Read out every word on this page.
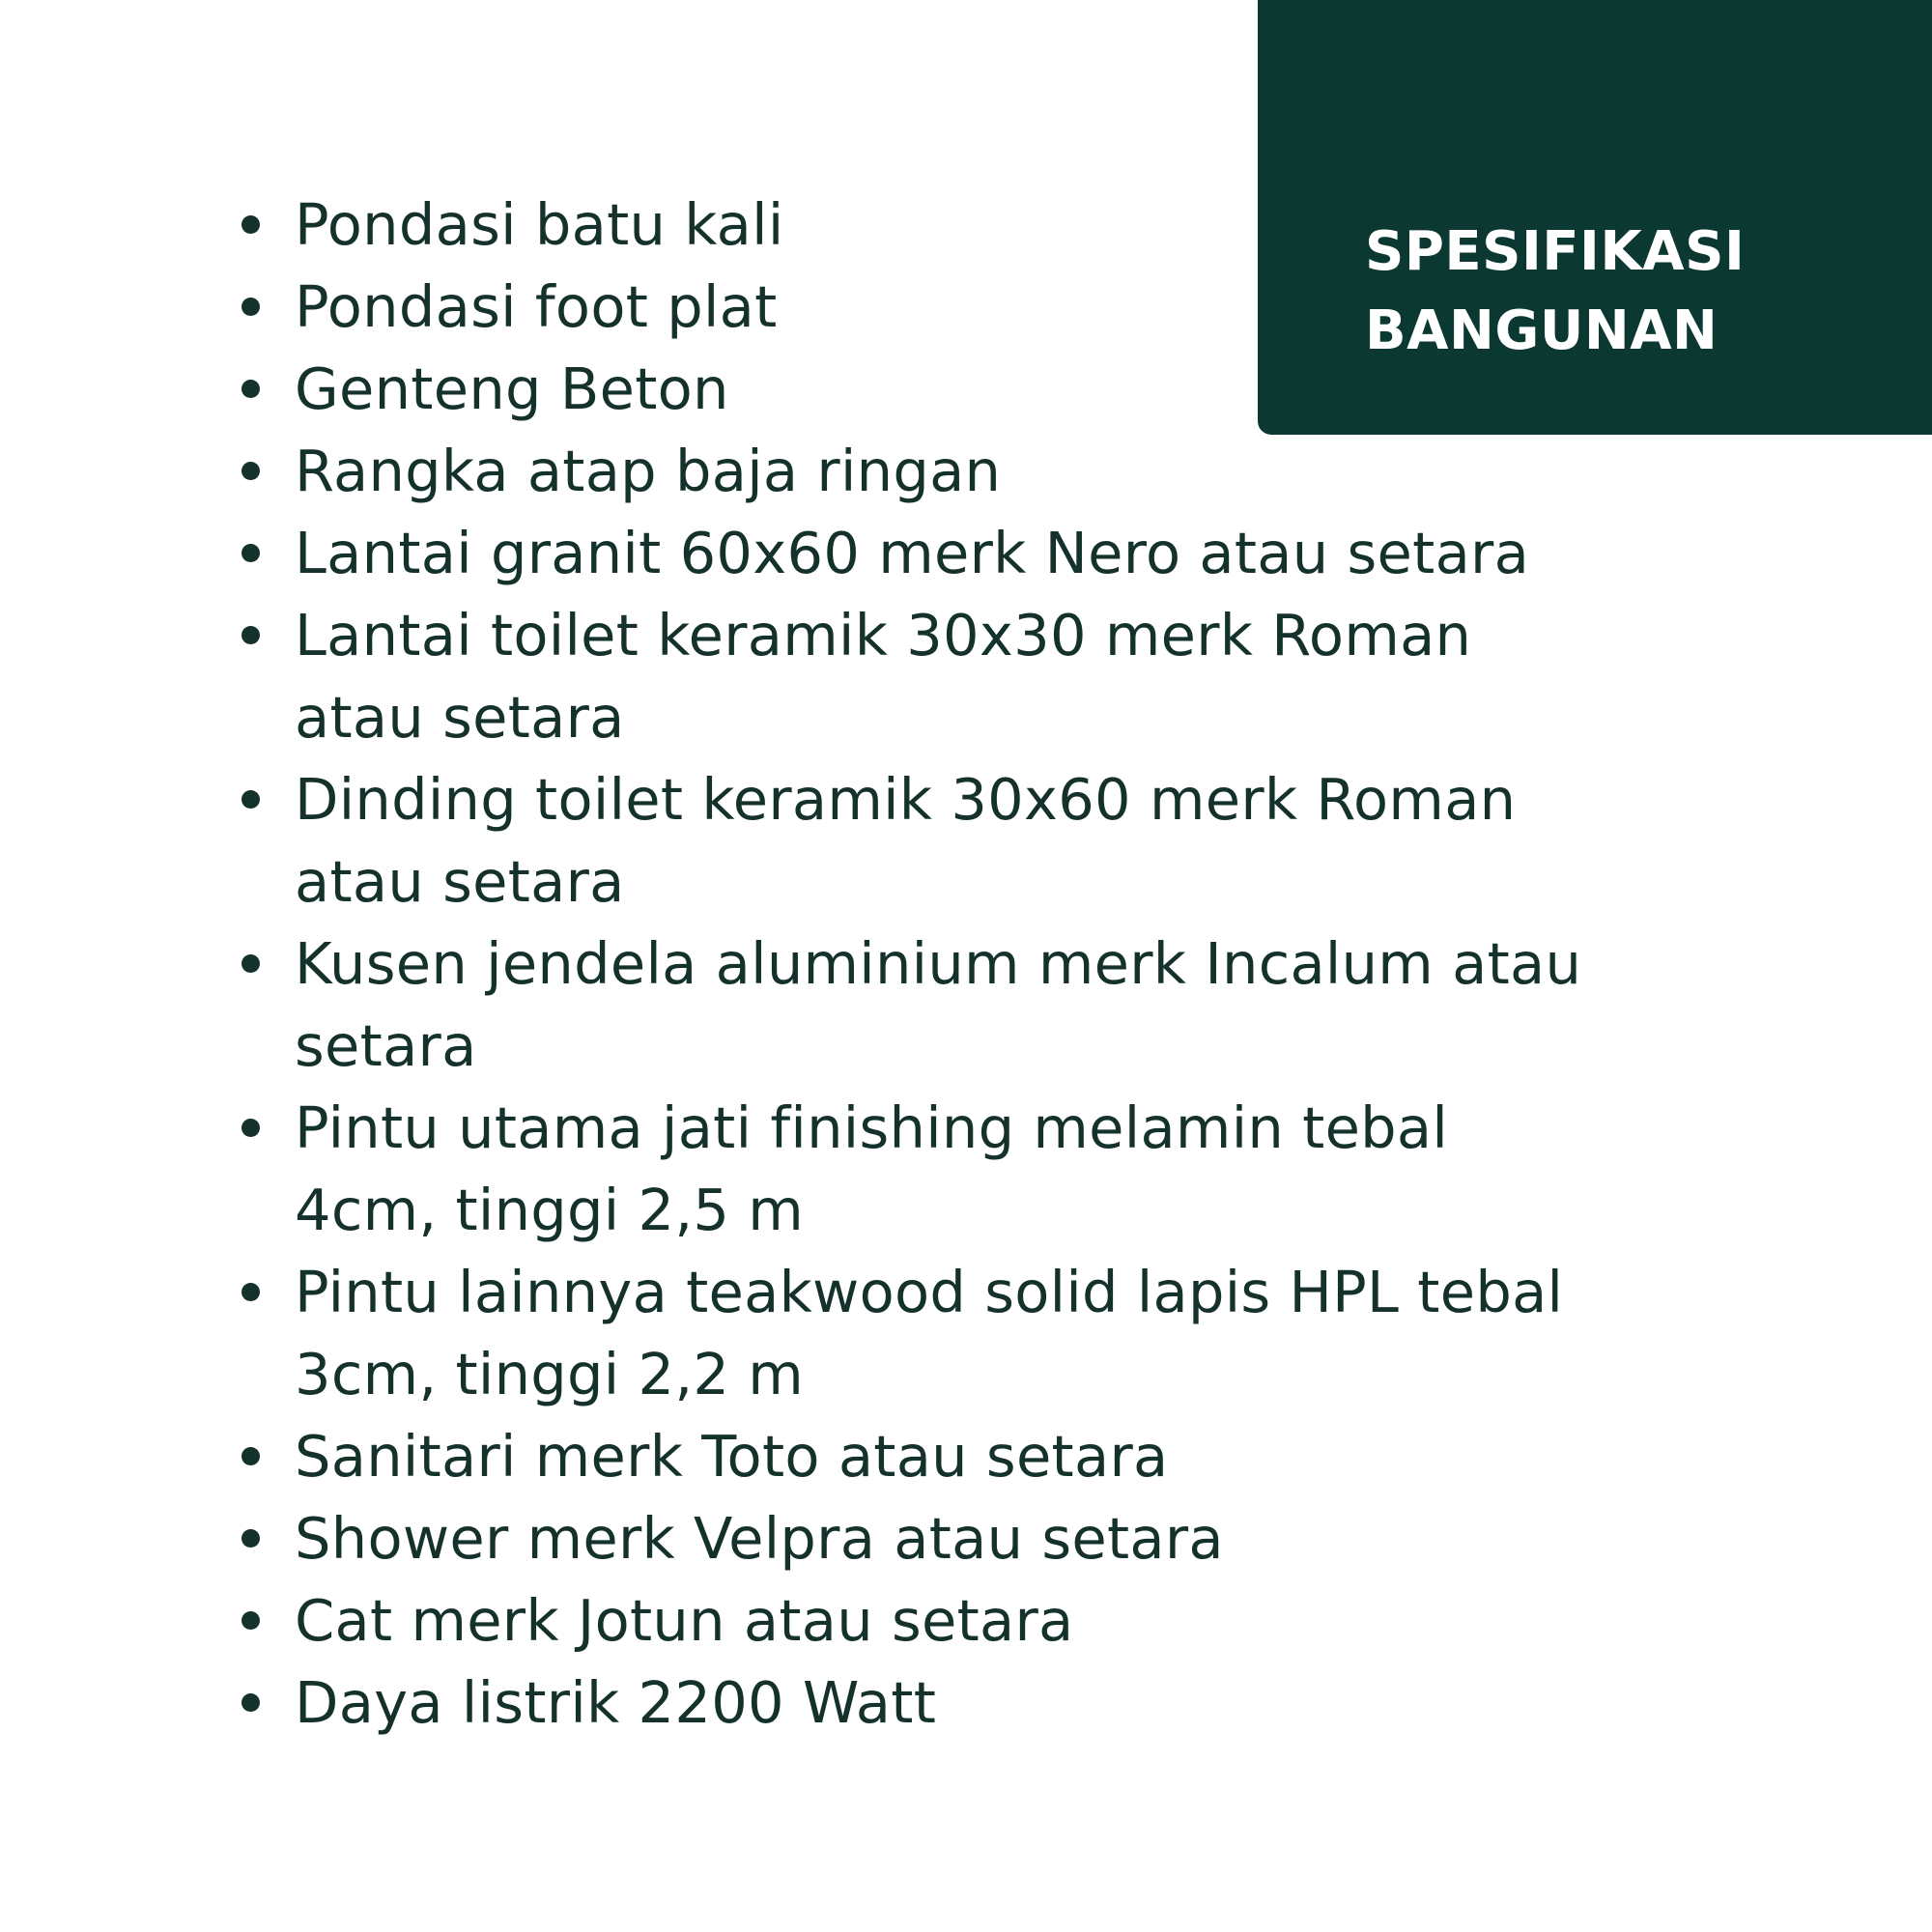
SPESIFIKASI
BANGUNAN
Pondasi batu kali
Pondasi foot plat
Genteng Beton
Rangka atap baja ringan
Lantai granit 60x60 merk Nero atau setara
Lantai toilet keramik 30x30 merk Roman atau setara
Dinding toilet keramik 30x60 merk Roman atau setara
Kusen jendela aluminium merk Incalum atau setara
Pintu utama jati finishing melamin tebal 4cm, tinggi 2,5 m
Pintu lainnya teakwood solid lapis HPL tebal 3cm, tinggi 2,2 m
Sanitari merk Toto atau setara
Shower merk Velpra atau setara
Cat merk Jotun atau setara
Daya listrik 2200 Watt
